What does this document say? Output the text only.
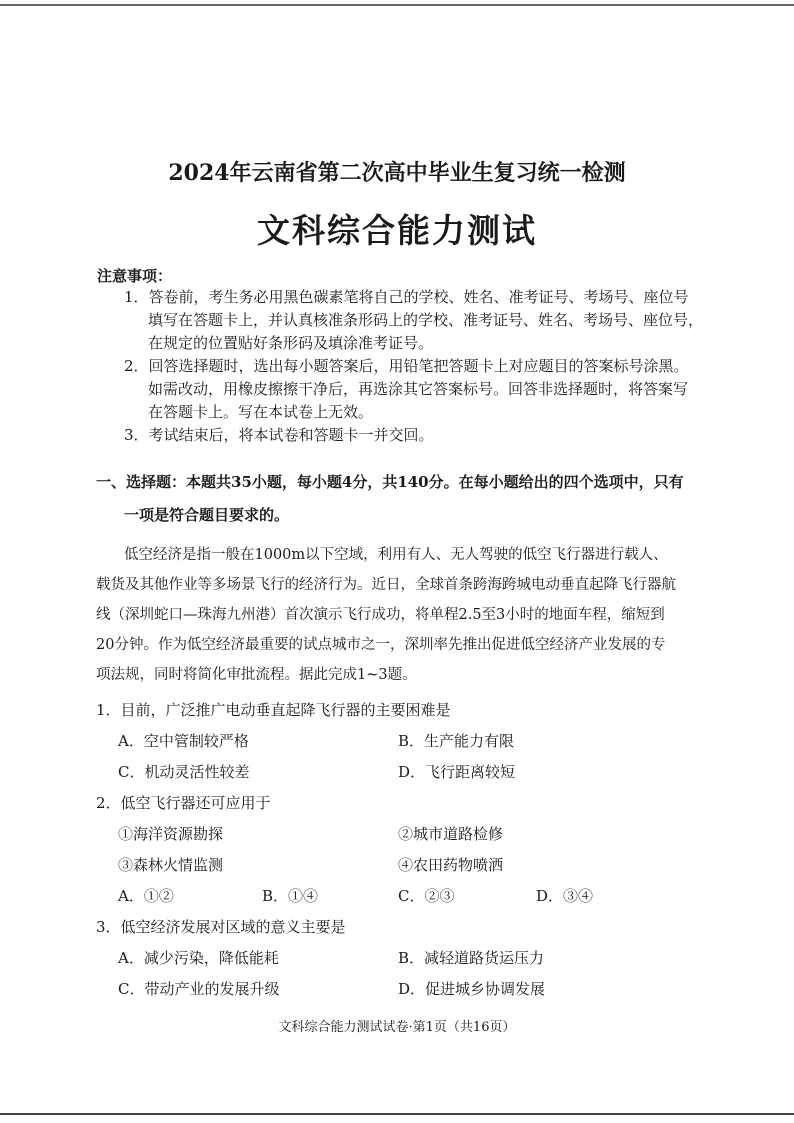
2024年云南省第二次高中毕业生复习统一检测
文科综合能力测试
注意事项：
1．答卷前，考生务必用黑色碳素笔将自己的学校、姓名、准考证号、考场号、座位号
填写在答题卡上，并认真核准条形码上的学校、准考证号、姓名、考场号、座位号，
在规定的位置贴好条形码及填涂准考证号。
2．回答选择题时，选出每小题答案后，用铅笔把答题卡上对应题目的答案标号涂黑。
如需改动，用橡皮擦擦干净后，再选涂其它答案标号。回答非选择题时，将答案写
在答题卡上。写在本试卷上无效。
3．考试结束后，将本试卷和答题卡一并交回。
一、选择题：本题共35小题，每小题4分，共140分。在每小题给出的四个选项中，只有
一项是符合题目要求的。
低空经济是指一般在1000m以下空域，利用有人、无人驾驶的低空飞行器进行载人、
载货及其他作业等多场景飞行的经济行为。近日，全球首条跨海跨城电动垂直起降飞行器航
线（深圳蛇口—珠海九州港）首次演示飞行成功，将单程2.5至3小时的地面车程，缩短到
20分钟。作为低空经济最重要的试点城市之一，深圳率先推出促进低空经济产业发展的专
项法规，同时将简化审批流程。据此完成1~3题。
1．目前，广泛推广电动垂直起降飞行器的主要困难是
A．空中管制较严格	B．生产能力有限
C．机动灵活性较差	D．飞行距离较短
2．低空飞行器还可应用于
①海洋资源勘探	②城市道路检修
③森林火情监测	④农田药物喷洒
A．①②	B．①④	C．②③	D．③④
3．低空经济发展对区域的意义主要是
A．减少污染，降低能耗	B．减轻道路货运压力
C．带动产业的发展升级	D．促进城乡协调发展
文科综合能力测试试卷·第1页（共16页）
